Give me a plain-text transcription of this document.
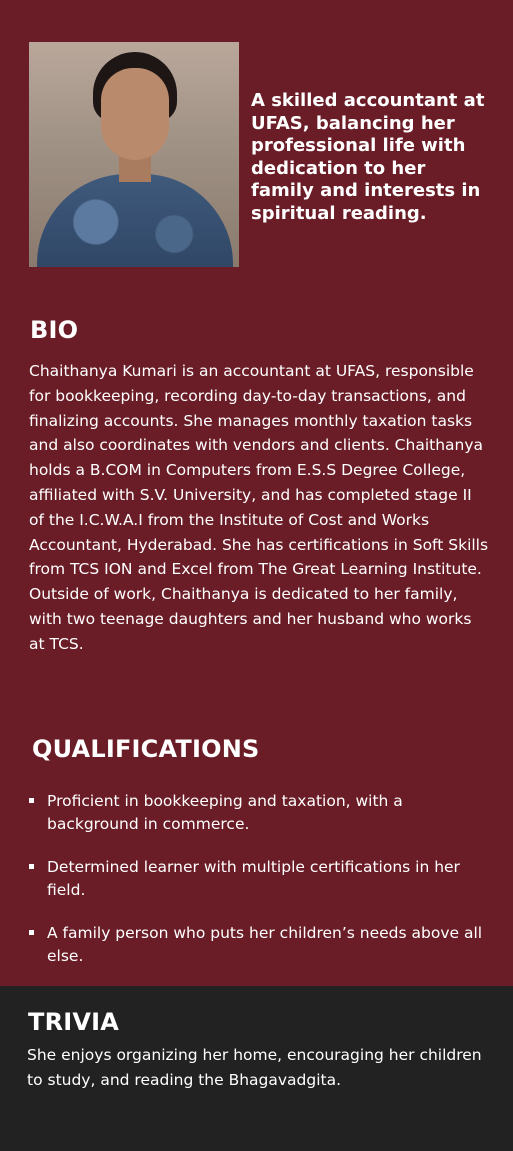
A skilled accountant at UFAS, balancing her professional life with dedication to her family and interests in spiritual reading.

BIO

Chaithanya Kumari is an accountant at UFAS, responsible for bookkeeping, recording day-to-day transactions, and finalizing accounts. She manages monthly taxation tasks and also coordinates with vendors and clients. Chaithanya holds a B.COM in Computers from E.S.S Degree College, affiliated with S.V. University, and has completed stage II of the I.C.W.A.I from the Institute of Cost and Works Accountant, Hyderabad. She has certifications in Soft Skills from TCS ION and Excel from The Great Learning Institute.

Outside of work, Chaithanya is dedicated to her family, with two teenage daughters and her husband who works at TCS.

QUALIFICATIONS
Proficient in bookkeeping and taxation, with a background in commerce.
Determined learner with multiple certifications in her field.
A family person who puts her children’s needs above all else.
TRIVIA

She enjoys organizing her home, encouraging her children to study, and reading the Bhagavadgita.
